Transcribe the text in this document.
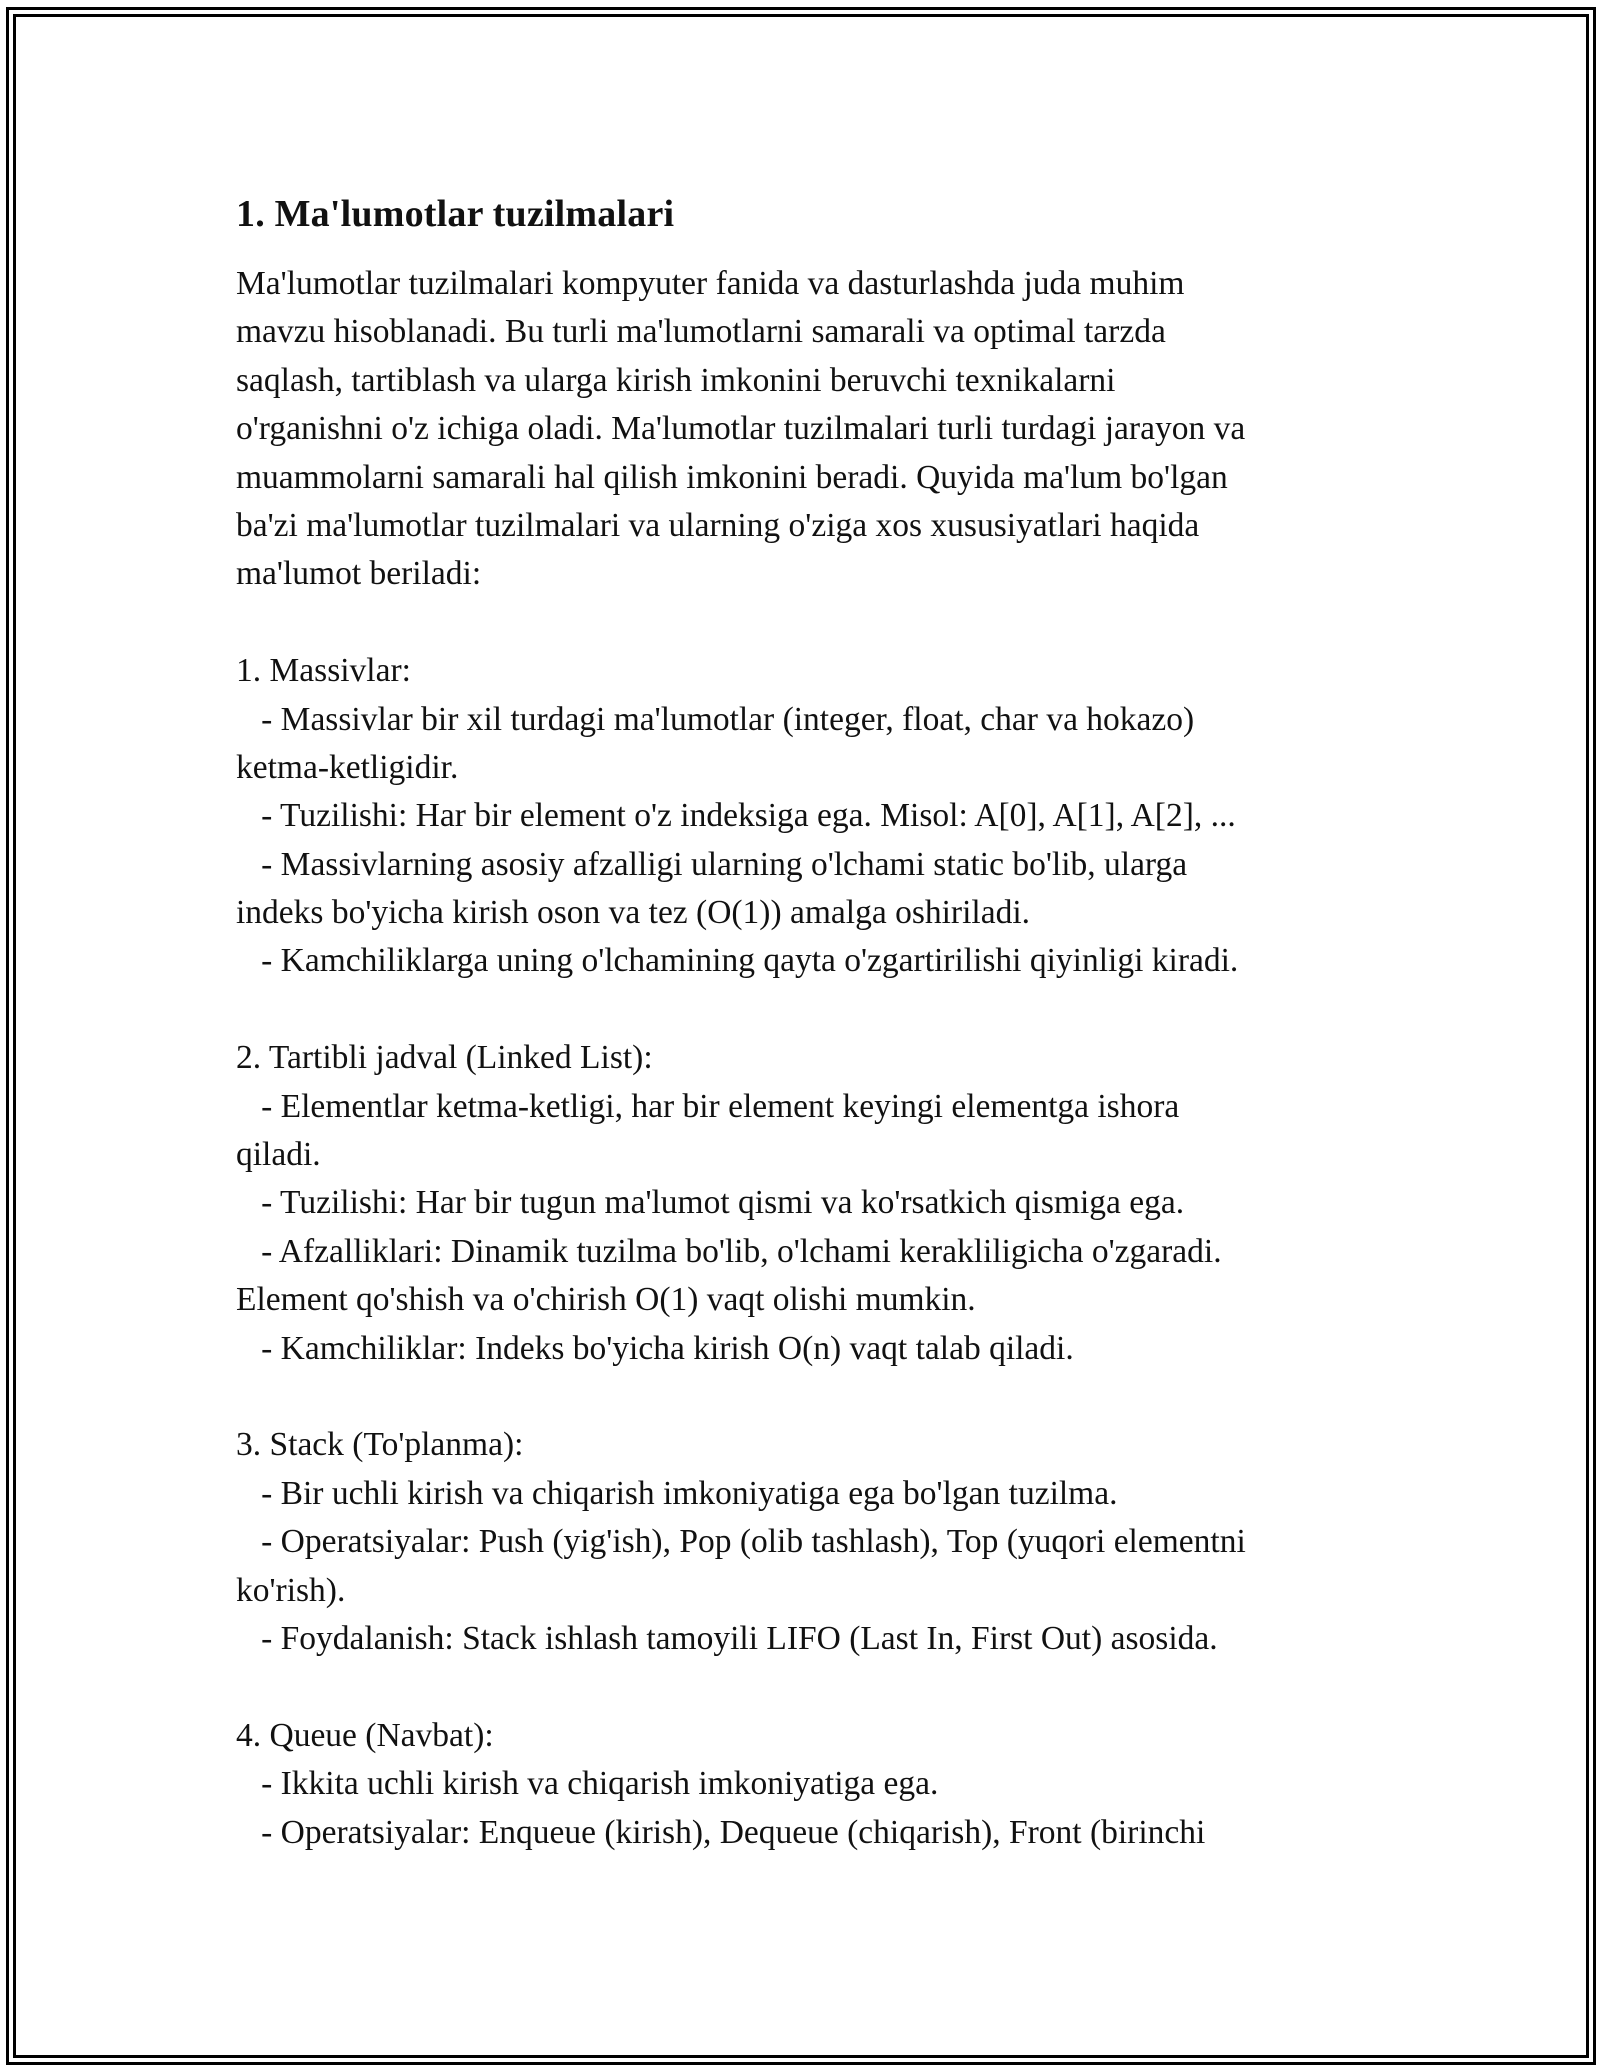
1. Ma'lumotlar tuzilmalari
Ma'lumotlar tuzilmalari kompyuter fanida va dasturlashda juda muhim
mavzu hisoblanadi. Bu turli ma'lumotlarni samarali va optimal tarzda
saqlash, tartiblash va ularga kirish imkonini beruvchi texnikalarni
o'rganishni o'z ichiga oladi. Ma'lumotlar tuzilmalari turli turdagi jarayon va
muammolarni samarali hal qilish imkonini beradi. Quyida ma'lum bo'lgan
ba'zi ma'lumotlar tuzilmalari va ularning o'ziga xos xususiyatlari haqida
ma'lumot beriladi:
1. Massivlar:
- Massivlar bir xil turdagi ma'lumotlar (integer, float, char va hokazo)
ketma-ketligidir.
- Tuzilishi: Har bir element o'z indeksiga ega. Misol: A[0], A[1], A[2], ...
- Massivlarning asosiy afzalligi ularning o'lchami static bo'lib, ularga
indeks bo'yicha kirish oson va tez (O(1)) amalga oshiriladi.
- Kamchiliklarga uning o'lchamining qayta o'zgartirilishi qiyinligi kiradi.
2. Tartibli jadval (Linked List):
- Elementlar ketma-ketligi, har bir element keyingi elementga ishora
qiladi.
- Tuzilishi: Har bir tugun ma'lumot qismi va ko'rsatkich qismiga ega.
- Afzalliklari: Dinamik tuzilma bo'lib, o'lchami kerakliligicha o'zgaradi.
Element qo'shish va o'chirish O(1) vaqt olishi mumkin.
- Kamchiliklar: Indeks bo'yicha kirish O(n) vaqt talab qiladi.
3. Stack (To'planma):
- Bir uchli kirish va chiqarish imkoniyatiga ega bo'lgan tuzilma.
- Operatsiyalar: Push (yig'ish), Pop (olib tashlash), Top (yuqori elementni
ko'rish).
- Foydalanish: Stack ishlash tamoyili LIFO (Last In, First Out) asosida.
4. Queue (Navbat):
- Ikkita uchli kirish va chiqarish imkoniyatiga ega.
- Operatsiyalar: Enqueue (kirish), Dequeue (chiqarish), Front (birinchi
